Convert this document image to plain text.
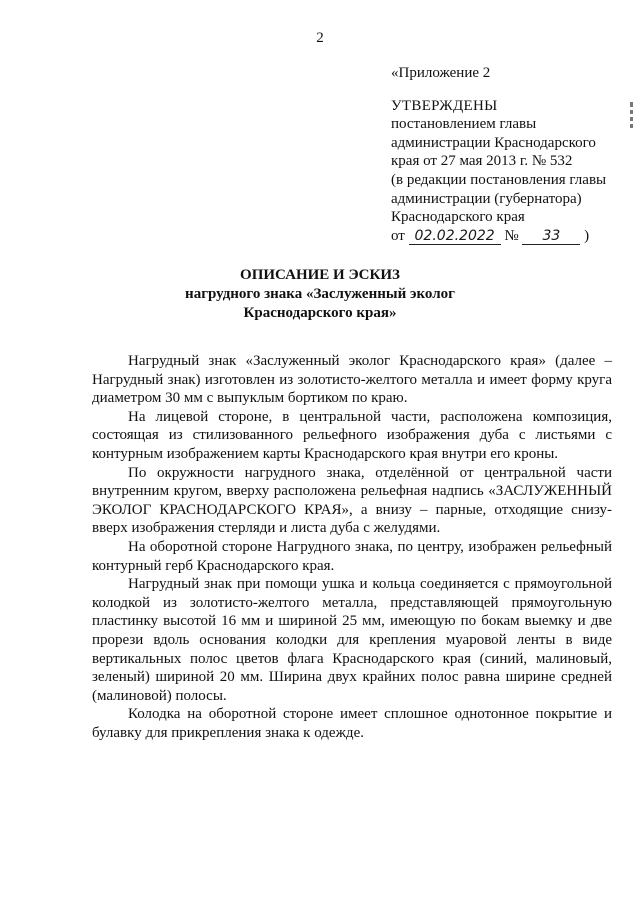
2
«Приложение 2
УТВЕРЖДЕНЫ
постановлением главы
администрации Краснодарского
края от 27 мая 2013 г. № 532
(в редакции постановления главы
администрации (губернатора)
Краснодарского края
от 02.02.2022 № 33 )
ОПИСАНИЕ И ЭСКИЗ
нагрудного знака «Заслуженный эколог
Краснодарского края»

Нагрудный знак «Заслуженный эколог Краснодарского края» (далее – Нагрудный знак) изготовлен из золотисто-желтого металла и имеет форму круга диаметром 30 мм с выпуклым бортиком по краю.

На лицевой стороне, в центральной части, расположена композиция, состоящая из стилизованного рельефного изображения дуба с листьями с контурным изображением карты Краснодарского края внутри его кроны.

По окружности нагрудного знака, отделённой от центральной части внутренним кругом, вверху расположена рельефная надпись «ЗАСЛУЖЕННЫЙ ЭКОЛОГ КРАСНОДАРСКОГО КРАЯ», а внизу – парные, отходящие снизу-вверх изображения стерляди и листа дуба с желудями.

На оборотной стороне Нагрудного знака, по центру, изображен рельефный контурный герб Краснодарского края.

Нагрудный знак при помощи ушка и кольца соединяется с прямоугольной колодкой из золотисто-желтого металла, представляющей прямоугольную пластинку высотой 16 мм и шириной 25 мм, имеющую по бокам выемку и две прорези вдоль основания колодки для крепления муаровой ленты в виде вертикальных полос цветов флага Краснодарского края (синий, малиновый, зеленый) шириной 20 мм. Ширина двух крайних полос равна ширине средней (малиновой) полосы.

Колодка на оборотной стороне имеет сплошное однотонное покрытие и булавку для прикрепления знака к одежде.
